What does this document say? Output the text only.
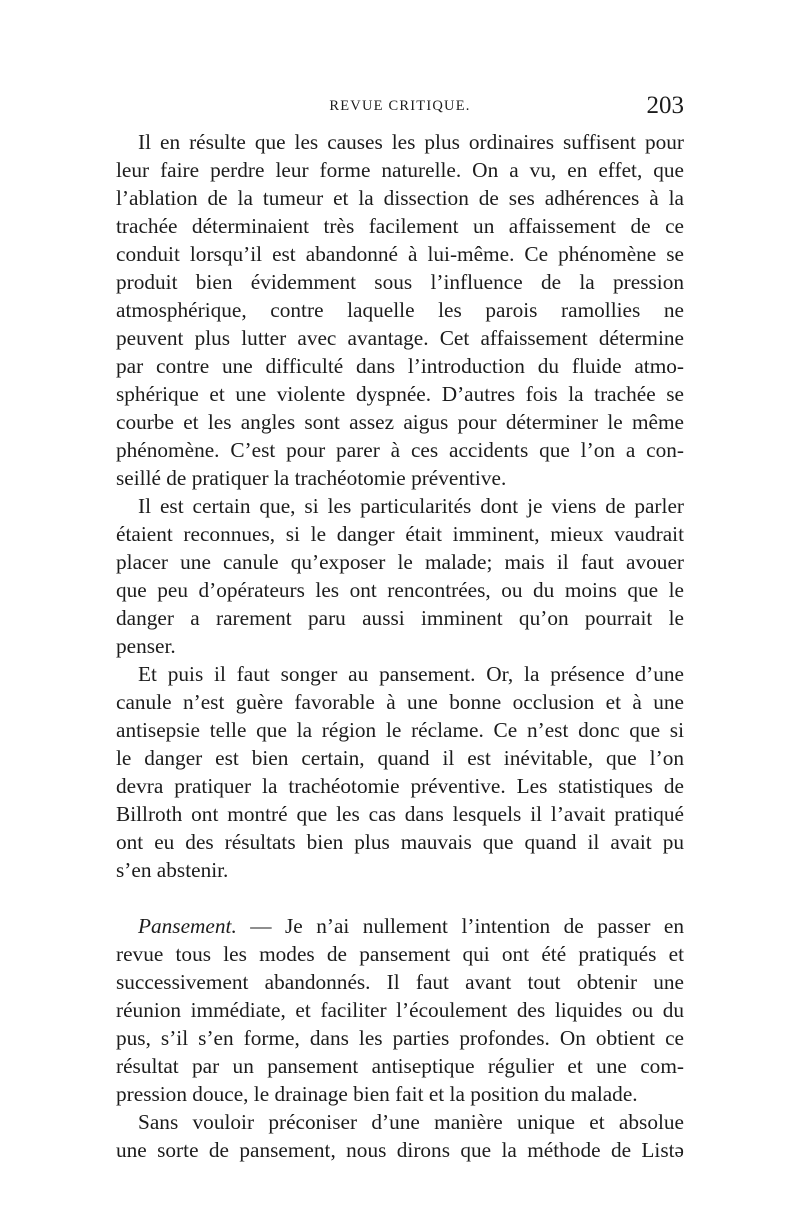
REVUE CRITIQUE.	203
Il en résulte que les causes les plus ordinaires suffisent pour
leur faire perdre leur forme naturelle. On a vu, en effet, que
l’ablation de la tumeur et la dissection de ses adhérences à la
trachée déterminaient très facilement un affaissement de ce
conduit lorsqu’il est abandonné à lui-même. Ce phénomène se
produit bien évidemment sous l’influence de la pression
atmosphérique, contre laquelle les parois ramollies ne
peuvent plus lutter avec avantage. Cet affaissement détermine
par contre une difficulté dans l’introduction du fluide atmo-
sphérique et une violente dyspnée. D’autres fois la trachée se
courbe et les angles sont assez aigus pour déterminer le même
phénomène. C’est pour parer à ces accidents que l’on a con-
seillé de pratiquer la trachéotomie préventive.
Il est certain que, si les particularités dont je viens de parler
étaient reconnues, si le danger était imminent, mieux vaudrait
placer une canule qu’exposer le malade; mais il faut avouer
que peu d’opérateurs les ont rencontrées, ou du moins que le
danger a rarement paru aussi imminent qu’on pourrait le
penser.
Et puis il faut songer au pansement. Or, la présence d’une
canule n’est guère favorable à une bonne occlusion et à une
antisepsie telle que la région le réclame. Ce n’est donc que si
le danger est bien certain, quand il est inévitable, que l’on
devra pratiquer la trachéotomie préventive. Les statistiques de
Billroth ont montré que les cas dans lesquels il l’avait pratiqué
ont eu des résultats bien plus mauvais que quand il avait pu
s’en abstenir.
Pansement. — Je n’ai nullement l’intention de passer en
revue tous les modes de pansement qui ont été pratiqués et
successivement abandonnés. Il faut avant tout obtenir une
réunion immédiate, et faciliter l’écoulement des liquides ou du
pus, s’il s’en forme, dans les parties profondes. On obtient ce
résultat par un pansement antiseptique régulier et une com-
pression douce, le drainage bien fait et la position du malade.
Sans vouloir préconiser d’une manière unique et absolue
une sorte de pansement, nous dirons que la méthode de Listə
